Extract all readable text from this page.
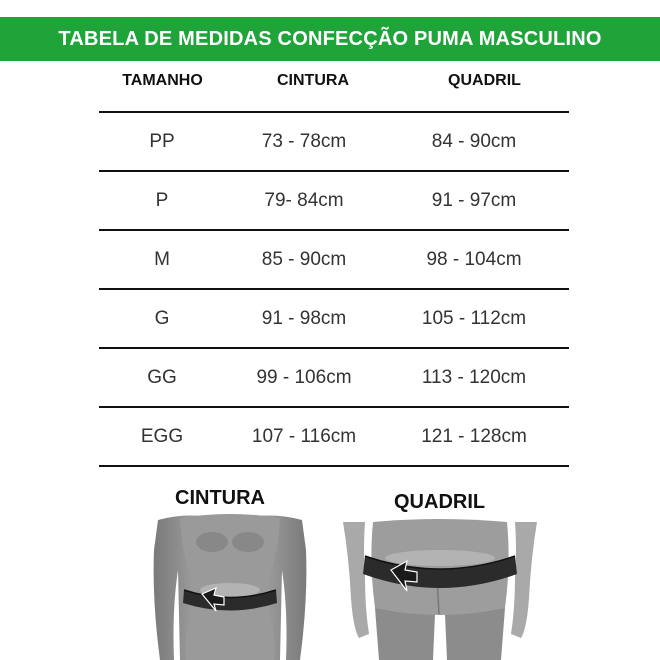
TABELA DE MEDIDAS CONFECÇÃO PUMA MASCULINO
TAMANHO	CINTURA	QUADRIL
PP	73 - 78cm	84 - 90cm
P	79- 84cm	91 - 97cm
M	85 - 90cm	98 - 104cm
G	91 - 98cm	105 - 112cm
GG	99 - 106cm	113 - 120cm
EGG	107 - 116cm	121 - 128cm
CINTURA	QUADRIL
